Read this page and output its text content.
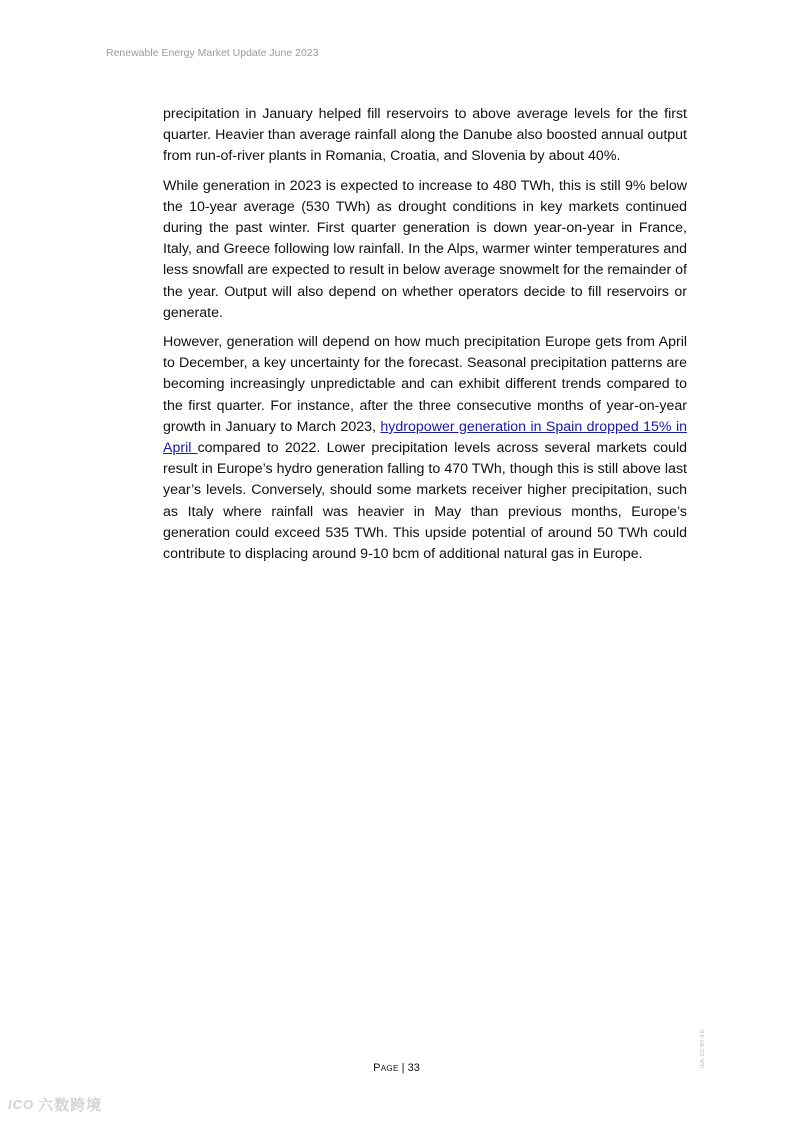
Renewable Energy Market Update June 2023

precipitation in January helped fill reservoirs to above average levels for the first quarter. Heavier than average rainfall along the Danube also boosted annual output from run-of-river plants in Romania, Croatia, and Slovenia by about 40%.

While generation in 2023 is expected to increase to 480 TWh, this is still 9% below the 10-year average (530 TWh) as drought conditions in key markets continued during the past winter. First quarter generation is down year-on-year in France, Italy, and Greece following low rainfall. In the Alps, warmer winter temperatures and less snowfall are expected to result in below average snowmelt for the remainder of the year. Output will also depend on whether operators decide to fill reservoirs or generate.

However, generation will depend on how much precipitation Europe gets from April to December, a key uncertainty for the forecast. Seasonal precipitation patterns are becoming increasingly unpredictable and can exhibit different trends compared to the first quarter. For instance, after the three consecutive months of year-on-year growth in January to March 2023, hydropower generation in Spain dropped 15% in April compared to 2022. Lower precipitation levels across several markets could result in Europe’s hydro generation falling to 470 TWh, though this is still above last year’s levels. Conversely, should some markets receiver higher precipitation, such as Italy where rainfall was heavier in May than previous months, Europe’s generation could exceed 535 TWh. This upside potential of around 50 TWh could contribute to displacing around 9-10 bcm of additional natural gas in Europe.

Page | 33	IEA. CC BY 4.0.
ICO 六数跨境
